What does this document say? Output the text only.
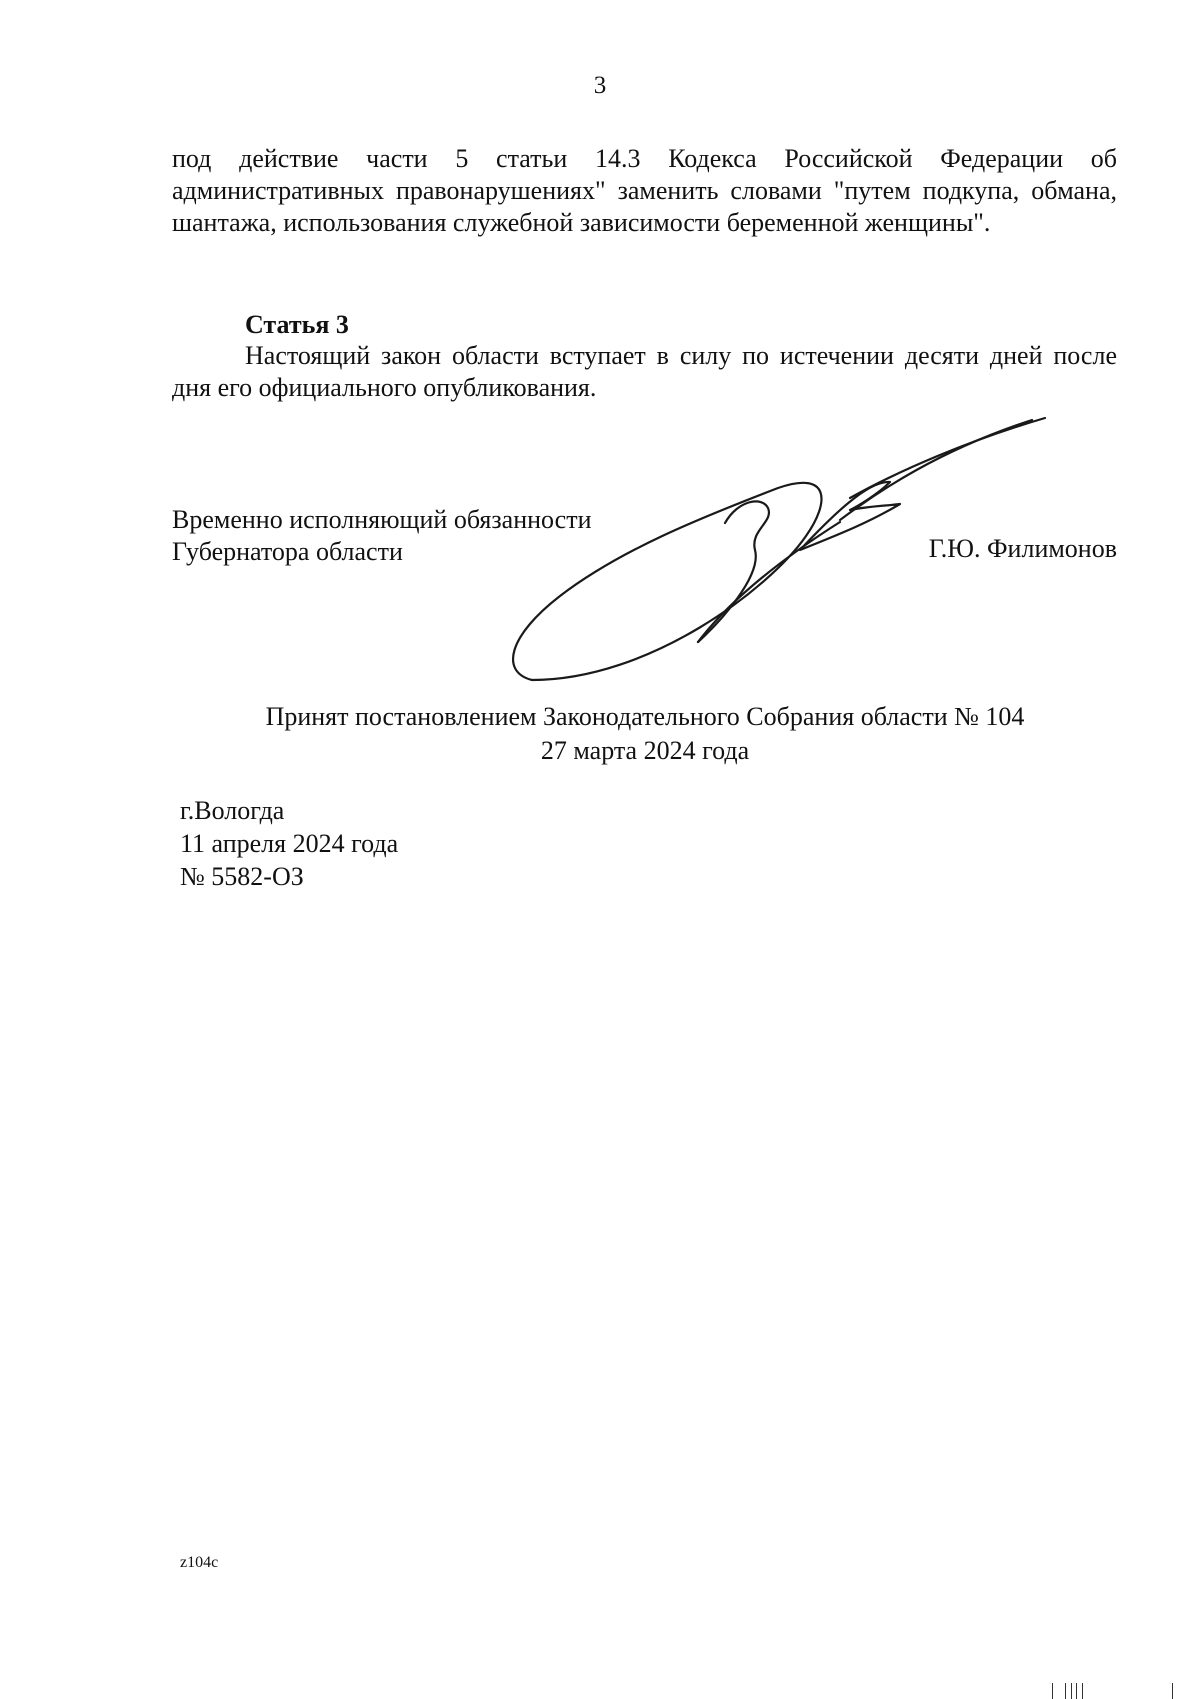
3

под действие части 5 статьи 14.3 Кодекса Российской Федерации об административных правонарушениях" заменить словами "путем подкупа, обмана, шантажа, использования служебной зависимости беременной женщины".

Статья 3

Настоящий закон области вступает в силу по истечении десяти дней после дня его официального опубликования.

Временно исполняющий обязанности
Губернатора области	Г.Ю. Филимонов
Принят постановлением Законодательного Собрания области № 104
27 марта 2024 года
г.Вологда
11 апреля 2024 года
№ 5582-ОЗ
z104c
